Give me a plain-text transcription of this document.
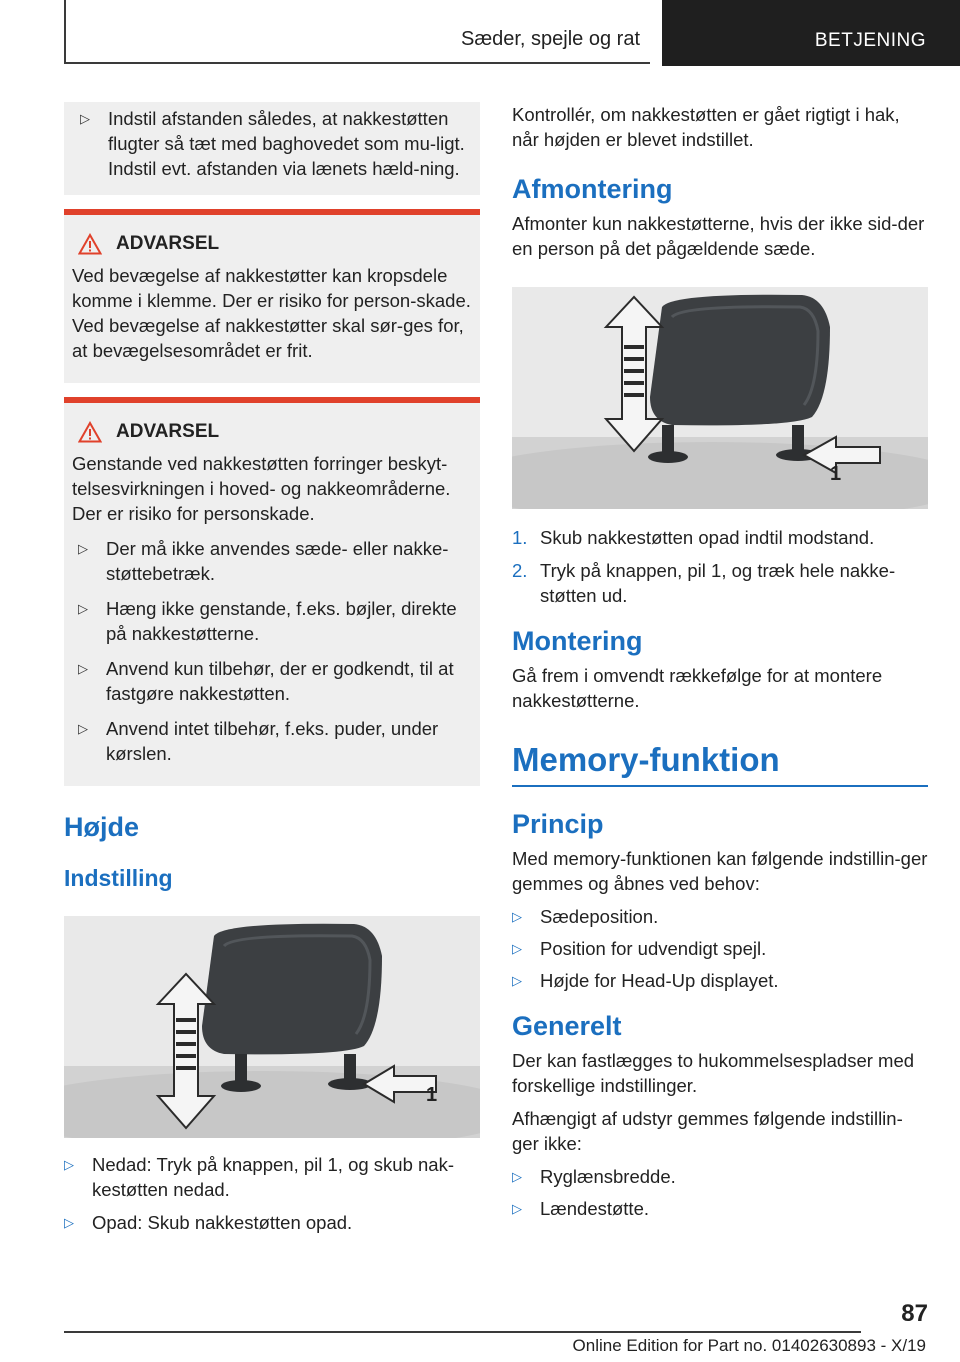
Sæder, spejle og rat	BETJENING
▷ Indstil afstanden således, at nakkestøtten flugter så tæt med baghovedet som mu-ligt. Indstil evt. afstanden via lænets hæld-ning.
ADVARSEL
Ved bevægelse af nakkestøtter kan kropsdele komme i klemme. Der er risiko for person-skade. Ved bevægelse af nakkestøtter skal sør-ges for, at bevægelsesområdet er frit.
ADVARSEL
Genstande ved nakkestøtten forringer beskyt-telsesvirkningen i hoved- og nakkeområderne. Der er risiko for personskade.
▷ Der må ikke anvendes sæde- eller nakke-støttebetræk.
▷ Hæng ikke genstande, f.eks. bøjler, direkte på nakkestøtterne.
▷ Anvend kun tilbehør, der er godkendt, til at fastgøre nakkestøtten.
▷ Anvend intet tilbehør, f.eks. puder, under kørslen.
Højde
Indstilling
1
▷ Nedad: Tryk på knappen, pil 1, og skub nak-kestøtten nedad.
▷ Opad: Skub nakkestøtten opad.
Kontrollér, om nakkestøtten er gået rigtigt i hak, når højden er blevet indstillet.
Afmontering
Afmonter kun nakkestøtterne, hvis der ikke sid-der en person på det pågældende sæde.
1
1. Skub nakkestøtten opad indtil modstand.
2. Tryk på knappen, pil 1, og træk hele nakke-støtten ud.
Montering
Gå frem i omvendt rækkefølge for at montere nakkestøtterne.
Memory-funktion
Princip
Med memory-funktionen kan følgende indstillin-ger gemmes og åbnes ved behov:
▷ Sædeposition.
▷ Position for udvendigt spejl.
▷ Højde for Head-Up displayet.
Generelt
Der kan fastlægges to hukommelsespladser med forskellige indstillinger.
Afhængigt af udstyr gemmes følgende indstillin-ger ikke:
▷ Ryglænsbredde.
▷ Lændestøtte.
87
Online Edition for Part no. 01402630893 - X/19
